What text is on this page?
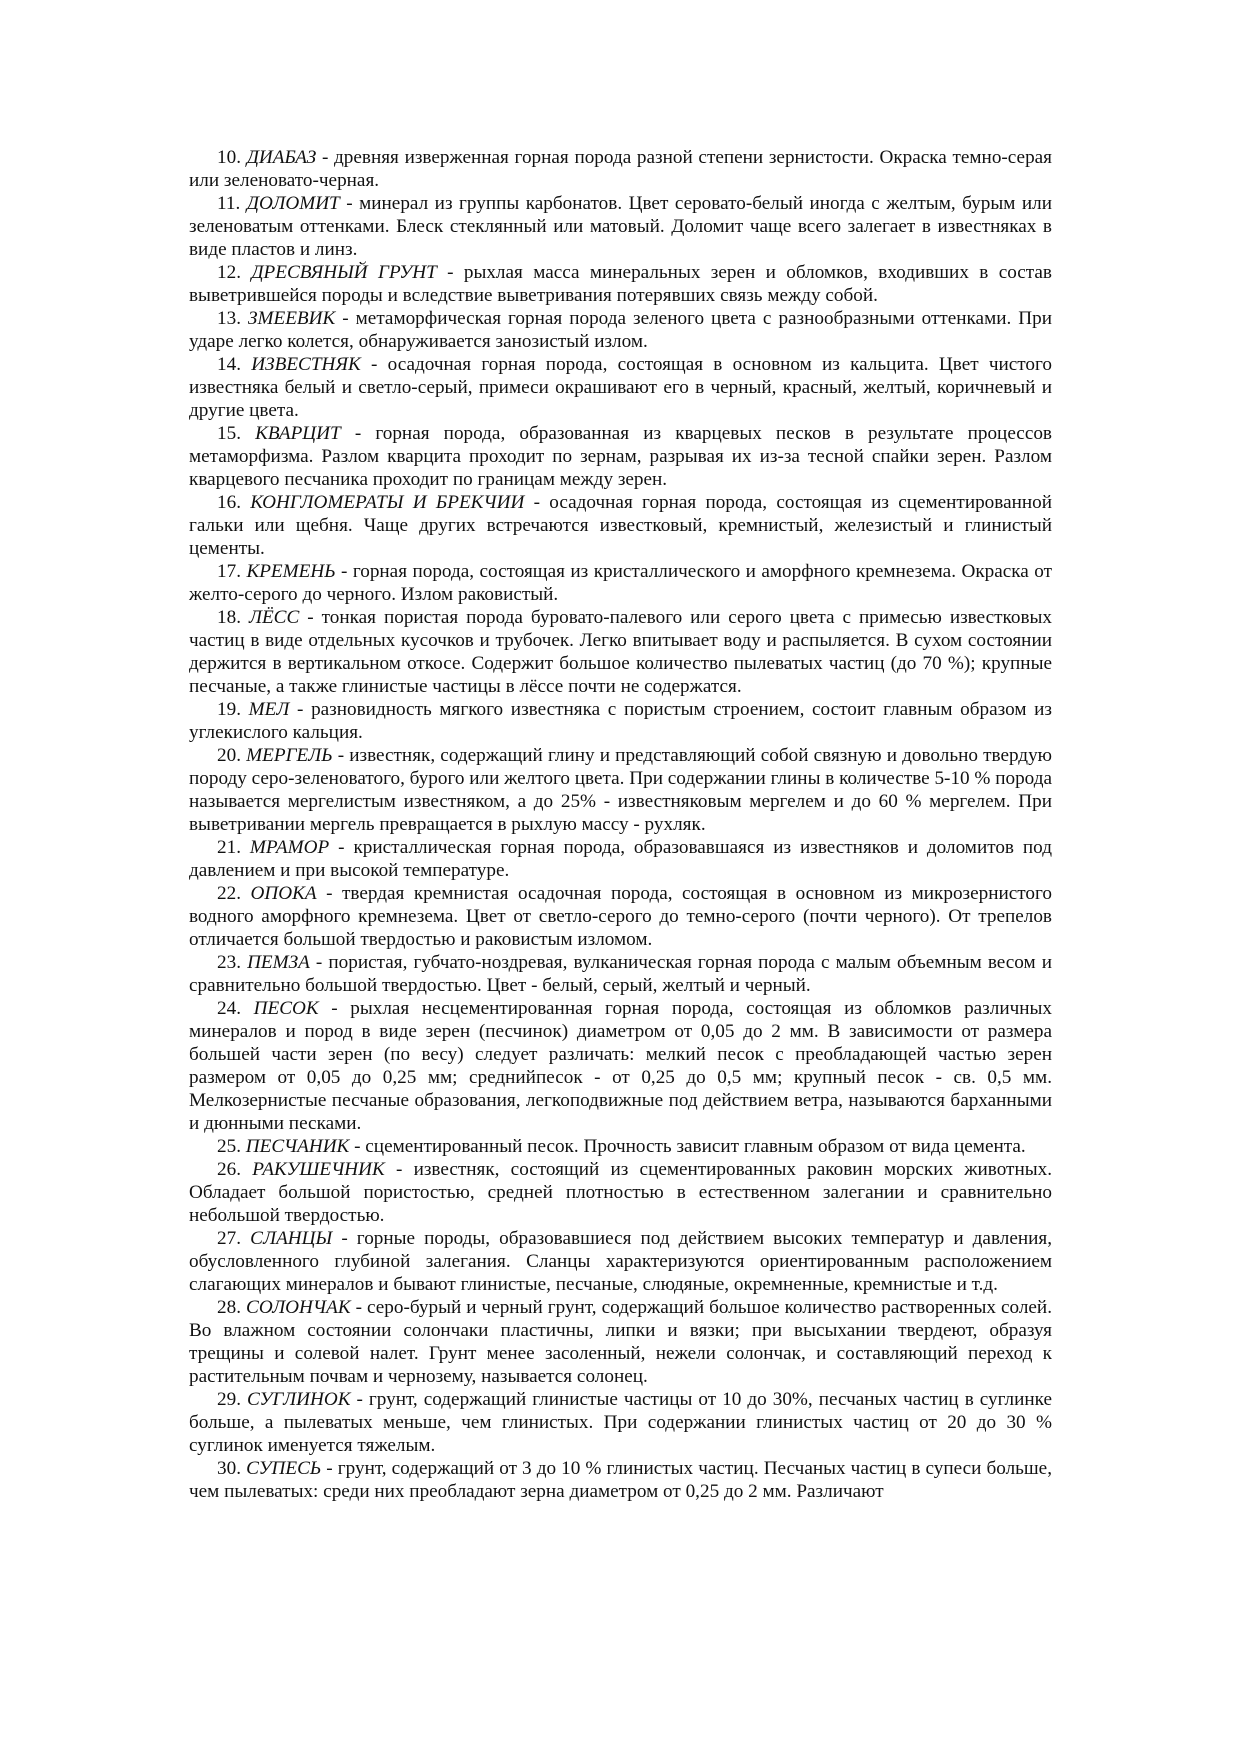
10. ДИАБАЗ - древняя изверженная горная порода разной степени зернистости. Окраска темно-серая или зеленовато-черная.

11. ДОЛОМИТ - минерал из группы карбонатов. Цвет серовато-белый иногда с желтым, бурым или зеленоватым оттенками. Блеск стеклянный или матовый. Доломит чаще всего залегает в известняках в виде пластов и линз.

12. ДРЕСВЯНЫЙ ГРУНТ - рыхлая масса минеральных зерен и обломков, входивших в состав выветрившейся породы и вследствие выветривания потерявших связь между собой.

13. ЗМЕЕВИК - метаморфическая горная порода зеленого цвета с разнообразными оттенками. При ударе легко колется, обнаруживается занозистый излом.

14. ИЗВЕСТНЯК - осадочная горная порода, состоящая в основном из кальцита. Цвет чистого известняка белый и светло-серый, примеси окрашивают его в черный, красный, желтый, коричневый и другие цвета.

15. КВАРЦИТ - горная порода, образованная из кварцевых песков в результате процессов метаморфизма. Разлом кварцита проходит по зернам, разрывая их из-за тесной спайки зерен. Разлом кварцевого песчаника проходит по границам между зерен.

16. КОНГЛОМЕРАТЫ И БРЕКЧИИ - осадочная горная порода, состоящая из сцементированной гальки или щебня. Чаще других встречаются известковый, кремнистый, железистый и глинистый цементы.

17. КРЕМЕНЬ - горная порода, состоящая из кристаллического и аморфного кремнезема. Окраска от желто-серого до черного. Излом раковистый.

18. ЛЁСС - тонкая пористая порода буровато-палевого или серого цвета с примесью известковых частиц в виде отдельных кусочков и трубочек. Легко впитывает воду и распыляется. В сухом состоянии держится в вертикальном откосе. Содержит большое количество пылеватых частиц (до 70 %); крупные песчаные, а также глинистые частицы в лёссе почти не содержатся.

19. МЕЛ - разновидность мягкого известняка с пористым строением, состоит главным образом из углекислого кальция.

20. МЕРГЕЛЬ - известняк, содержащий глину и представляющий собой связную и довольно твердую породу серо-зеленоватого, бурого или желтого цвета. При содержании глины в количестве 5-10 % порода называется мергелистым известняком, а до 25% - известняковым мергелем и до 60 % мергелем. При выветривании мергель превращается в рыхлую массу - рухляк.

21. МРАМОР - кристаллическая горная порода, образовавшаяся из известняков и доломитов под давлением и при высокой температуре.

22. ОПОКА - твердая кремнистая осадочная порода, состоящая в основном из микрозернистого водного аморфного кремнезема. Цвет от светло-серого до темно-серого (почти черного). От трепелов отличается большой твердостью и раковистым изломом.

23. ПЕМЗА - пористая, губчато-ноздревая, вулканическая горная порода с малым объемным весом и сравнительно большой твердостью. Цвет - белый, серый, желтый и черный.

24. ПЕСОК - рыхлая несцементированная горная порода, состоящая из обломков различных минералов и пород в виде зерен (песчинок) диаметром от 0,05 до 2 мм. В зависимости от размера большей части зерен (по весу) следует различать: мелкий песок с преобладающей частью зерен размером от 0,05 до 0,25 мм; среднийпесок - от 0,25 до 0,5 мм; крупный песок - св. 0,5 мм. Мелкозернистые песчаные образования, легкоподвижные под действием ветра, называются барханными и дюнными песками.

25. ПЕСЧАНИК - сцементированный песок. Прочность зависит главным образом от вида цемента.

26. РАКУШЕЧНИК - известняк, состоящий из сцементированных раковин морских животных. Обладает большой пористостью, средней плотностью в естественном залегании и сравнительно небольшой твердостью.

27. СЛАНЦЫ - горные породы, образовавшиеся под действием высоких температур и давления, обусловленного глубиной залегания. Сланцы характеризуются ориентированным расположением слагающих минералов и бывают глинистые, песчаные, слюдяные, окремненные, кремнистые и т.д.

28. СОЛОНЧАК - серо-бурый и черный грунт, содержащий большое количество растворенных солей. Во влажном состоянии солончаки пластичны, липки и вязки; при высыхании твердеют, образуя трещины и солевой налет. Грунт менее засоленный, нежели солончак, и составляющий переход к растительным почвам и чернозему, называется солонец.

29. СУГЛИНОК - грунт, содержащий глинистые частицы от 10 до 30%, песчаных частиц в суглинке больше, а пылеватых меньше, чем глинистых. При содержании глинистых частиц от 20 до 30 % суглинок именуется тяжелым.

30. СУПЕСЬ - грунт, содержащий от 3 до 10 % глинистых частиц. Песчаных частиц в супеси больше, чем пылеватых: среди них преобладают зерна диаметром от 0,25 до 2 мм. Различают
